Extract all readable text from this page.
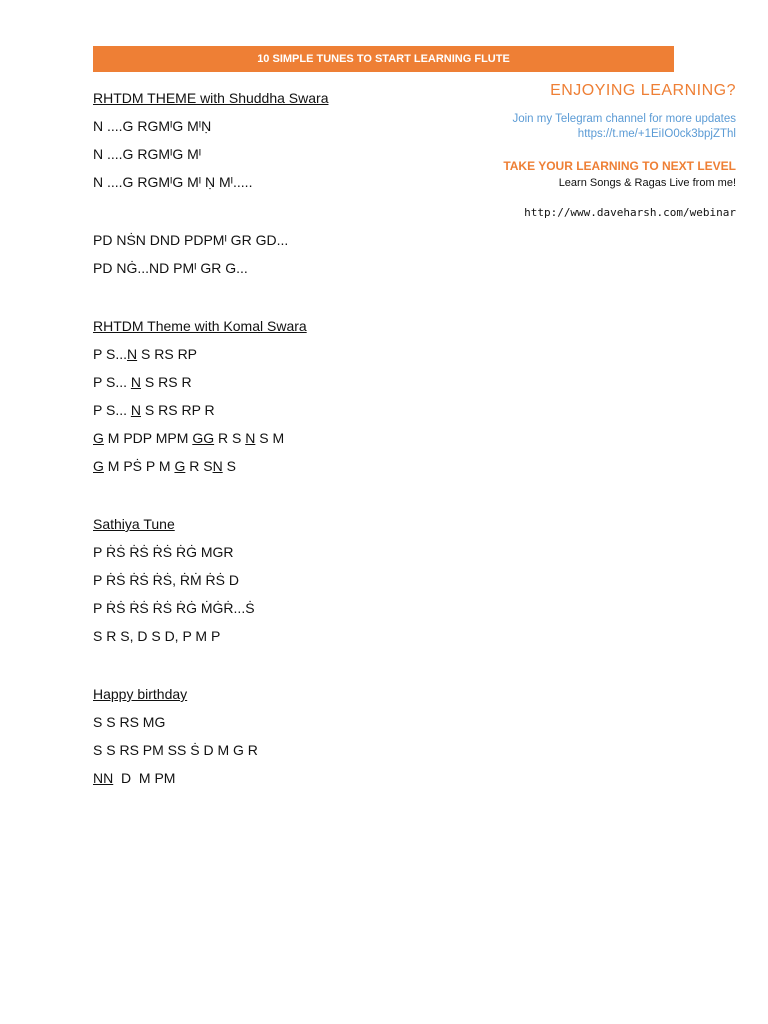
10 SIMPLE TUNES TO START LEARNING FLUTE
ENJOYING LEARNING?
Join my Telegram channel for more updates
https://t.me/+1EiIO0ck3bpjZThl
TAKE YOUR LEARNING TO NEXT LEVEL
Learn Songs & Ragas Live from me!
http://www.daveharsh.com/webinar
RHTDM THEME with Shuddha Swara
N ....G RGMᴵG MᴵṆ
N ....G RGMᴵG Mᴵ
N ....G RGMᴵG Mᴵ Ṇ Mᴵ.....
PD NṠN DND PDPMᴵ GR GD...
PD NĠ...ND PMᴵ GR G...
RHTDM Theme with Komal Swara
P S...N S RS RP
P S... N S RS R
P S... N S RS RP R
G M PDP MPM GG R S N S M
G M PṠ P M G R SN S
Sathiya Tune
P ṘṠ ṘṠ ṘṠ ṘĠ MGR
P ṘṠ ṘṠ ṘṠ, ṘṀ ṘṠ D
P ṘṠ ṘṠ ṘṠ ṘĠ ṀĠṘ...Ṡ
S R S, D S D, P M P
Happy birthday
S S RS MG
S S RS PM SS Ṡ D M G R
NN  D  M PM
